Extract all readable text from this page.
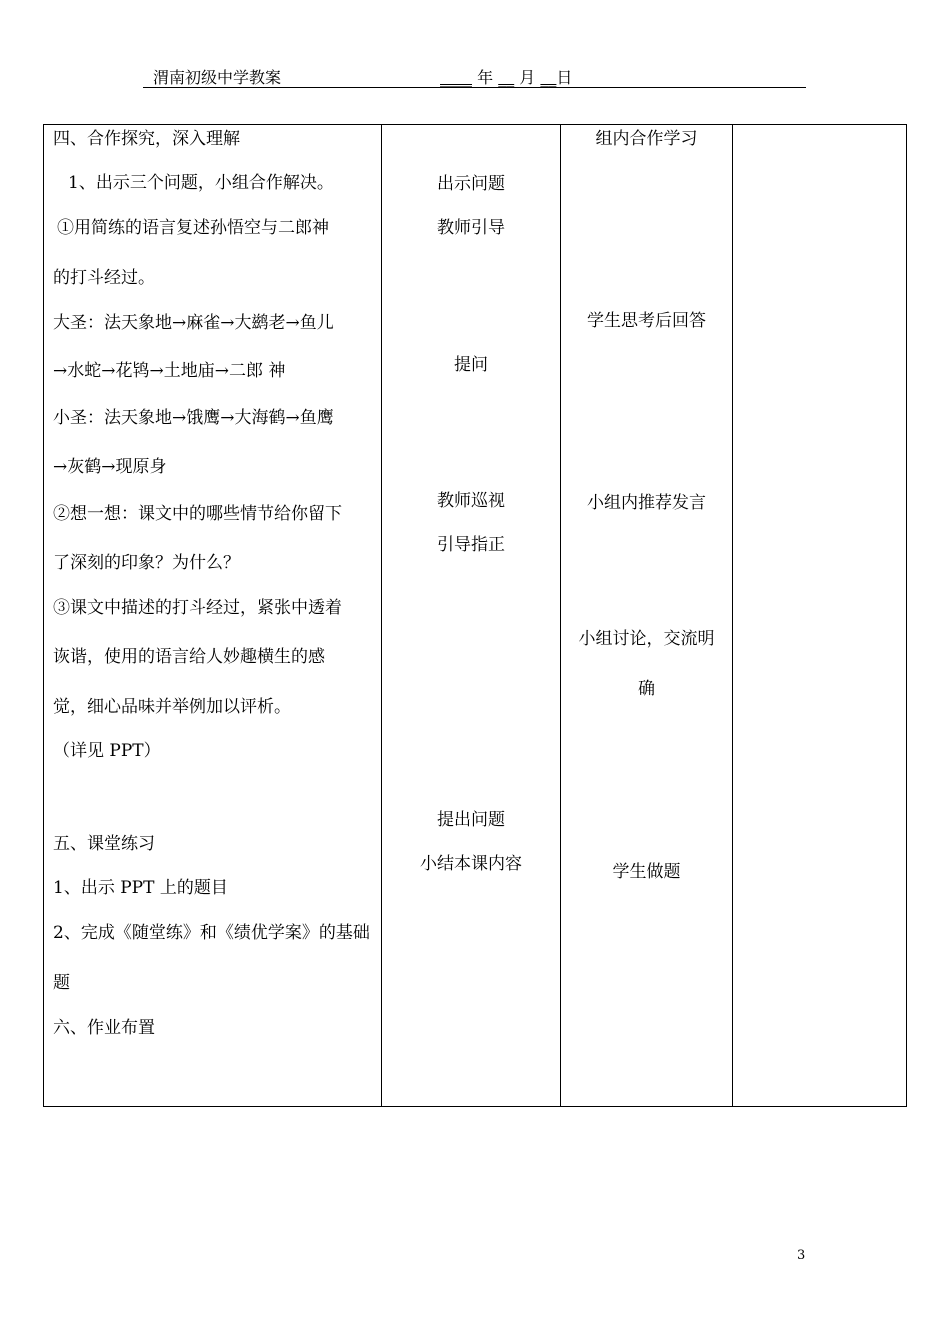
渭南初级中学教案	____ 年 __ 月 __日
四、合作探究，深入理解
1、出示三个问题，小组合作解决。
①用简练的语言复述孙悟空与二郎神
的打斗经过。
大圣：法天象地→麻雀→大鹚老→鱼儿
→水蛇→花鸨→土地庙→二郎 神
小圣：法天象地→饿鹰→大海鹤→鱼鹰
→灰鹤→现原身
②想一想：课文中的哪些情节给你留下
了深刻的印象？为什么？
③课文中描述的打斗经过，紧张中透着
诙谐，使用的语言给人妙趣横生的感
觉，细心品味并举例加以评析。
（详见 PPT）
五、课堂练习
1、出示 PPT 上的题目
2、完成《随堂练》和《绩优学案》的基础
题
六、作业布置

出示问题
教师引导
提问
教师巡视
引导指正
提出问题
小结本课内容

组内合作学习
学生思考后回答
小组内推荐发言
小组讨论，交流明
确
学生做题

3
